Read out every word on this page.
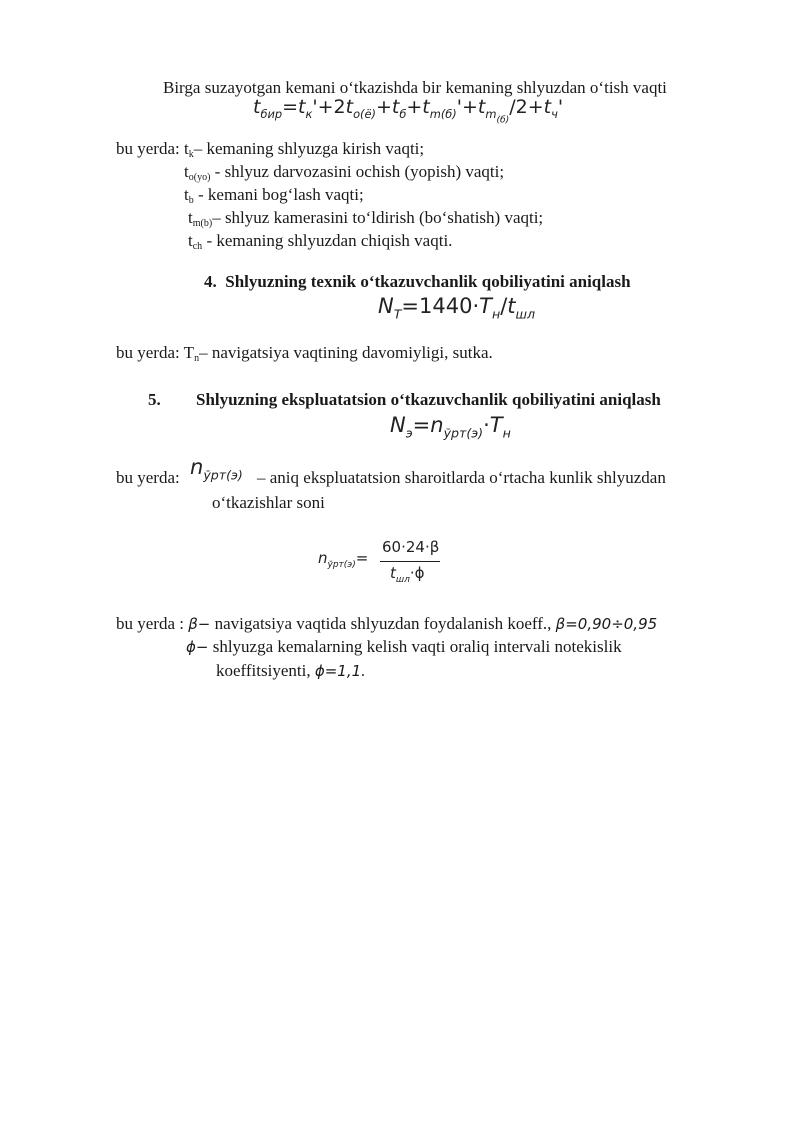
Birga suzayotgan kemani o‘tkazishda bir kemaning shlyuzdan o‘tish vaqti
$t_{бир}=t_к'+2t_{o(ё)}+t_б+t_{m(б)}'+t_{m_{(б)}}/2+t_ч'$
bu yerda: $t_k-$ kemaning shlyuzga kirish vaqti;
$t_{o(yo)}$ - shlyuz darvozasini ochish (yopish) vaqti;
$t_b$ - kemani bog‘lash vaqti;
$t_{m(b)}-$ shlyuz kamerasini to‘ldirish (bo‘shatish) vaqti;
$t_{ch}$ - kemaning shlyuzdan chiqish vaqti.
4. Shlyuzning texnik o‘tkazuvchanlik qobiliyatini aniqlash
$N_T=1440\cdot T_н/t_{шл}$
bu yerda: $T_n-$ navigatsiya vaqtining davomiyligi, sutka.
5. Shlyuzning ekspluatatsion o‘tkazuvchanlik qobiliyatini aniqlash
$N_э=n_{ўрт(э)}\cdot T_н$
bu yerda: $n_{ўрт(э)}$ – aniq ekspluatatsion sharoitlarda o‘rtacha kunlik shlyuzdan
o‘tkazishlar soni
$n_{ўрт(э)}=$
60·24·β
$t_{шл}\cdot\phi$
bu yerda : β− navigatsiya vaqtida shlyuzdan foydalanish koeff., β=0,90÷0,95
ϕ− shlyuzga kemalarning kelish vaqti oraliq intervali notekislik
koeffitsiyenti, ϕ=1,1.
